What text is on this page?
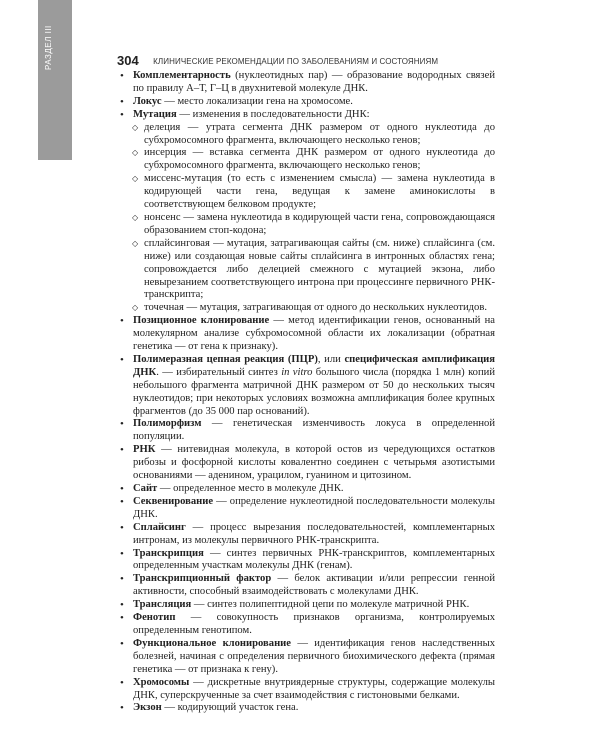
РАЗДЕЛ III	304 КЛИНИЧЕСКИЕ РЕКОМЕНДАЦИИ ПО ЗАБОЛЕВАНИЯМ И СОСТОЯНИЯМ
• Комплементарность (нуклеотидных пар) — образование водородных связей по правилу А–Т, Г–Ц в двухнитевой молекуле ДНК.
• Локус — место локализации гена на хромосоме.
• Мутация — изменения в последовательности ДНК:
◇ делеция — утрата сегмента ДНК размером от одного нуклеотида до субхромосомного фрагмента, включающего несколько генов;
◇ инсерция — вставка сегмента ДНК размером от одного нуклеотида до субхромосомного фрагмента, включающего несколько генов;
◇ миссенс-мутация (то есть с изменением смысла) — замена нуклеотида в кодирующей части гена, ведущая к замене аминокислоты в соответствующем белковом продукте;
◇ нонсенс — замена нуклеотида в кодирующей части гена, сопровождающаяся образованием стоп-кодона;
◇ сплайсинговая — мутация, затрагивающая сайты (см. ниже) сплайсинга (см. ниже) или создающая новые сайты сплайсинга в интронных областях гена; сопровождается либо делецией смежного с мутацией экзона, либо невырезанием соответствующего интрона при процессинге первичного РНК-транскрипта;
◇ точечная — мутация, затрагивающая от одного до нескольких нуклеотидов.
• Позиционное клонирование — метод идентификации генов, основанный на молекулярном анализе субхромосомной области их локализации (обратная генетика — от гена к признаку).
• Полимеразная цепная реакция (ПЦР), или специфическая амплификация ДНК. — избирательный синтез in vitro большого числа (порядка 1 млн) копий небольшого фрагмента матричной ДНК размером от 50 до нескольких тысяч нуклеотидов; при некоторых условиях возможна амплификация более крупных фрагментов (до 35 000 пар оснований).
• Полиморфизм — генетическая изменчивость локуса в определенной популяции.
• РНК — нитевидная молекула, в которой остов из чередующихся остатков рибозы и фосфорной кислоты ковалентно соединен с четырьмя азотистыми основаниями — аденином, урацилом, гуанином и цитозином.
• Сайт — определенное место в молекуле ДНК.
• Секвенирование — определение нуклеотидной последовательности молекулы ДНК.
• Сплайсинг — процесс вырезания последовательностей, комплементарных интронам, из молекулы первичного РНК-транскрипта.
• Транскрипция — синтез первичных РНК-транскриптов, комплементарных определенным участкам молекулы ДНК (генам).
• Транскрипционный фактор — белок активации и/или репрессии генной активности, способный взаимодействовать с молекулами ДНК.
• Трансляция — синтез полипептидной цепи по молекуле матричной РНК.
• Фенотип — совокупность признаков организма, контролируемых определенным генотипом.
• Функциональное клонирование — идентификация генов наследственных болезней, начиная с определения первичного биохимического дефекта (прямая генетика — от признака к гену).
• Хромосомы — дискретные внутриядерные структуры, содержащие молекулы ДНК, суперскрученные за счет взаимодействия с гистоновыми белками.
• Экзон — кодирующий участок гена.
